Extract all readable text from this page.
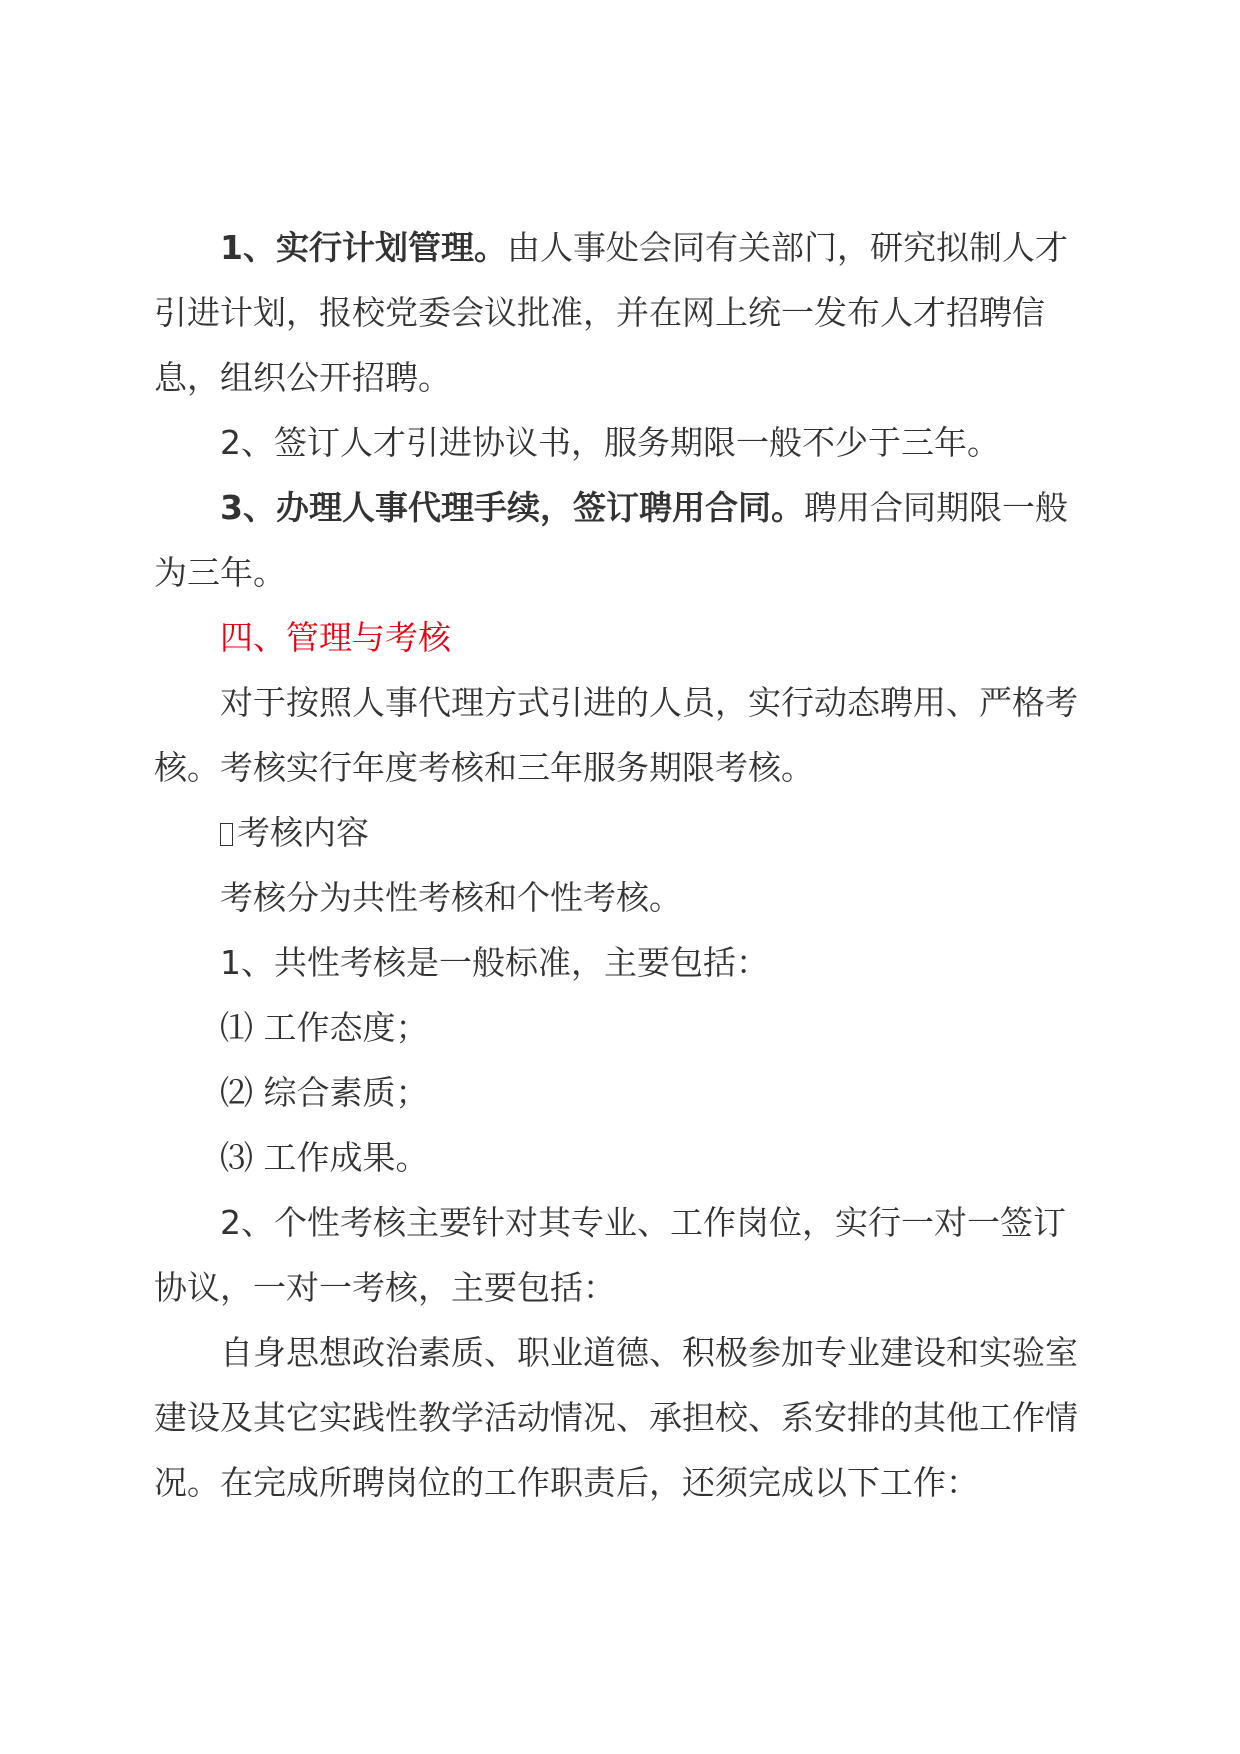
1、实行计划管理。由人事处会同有关部门，研究拟制人才引进计划，报校党委会议批准，并在网上统一发布人才招聘信息，组织公开招聘。

2、签订人才引进协议书，服务期限一般不少于三年。

3、办理人事代理手续，签订聘用合同。聘用合同期限一般为三年。

四、管理与考核

对于按照人事代理方式引进的人员，实行动态聘用、严格考核。考核实行年度考核和三年服务期限考核。

考核内容

考核分为共性考核和个性考核。

1、共性考核是一般标准，主要包括：

⑴ 工作态度；

⑵ 综合素质；

⑶ 工作成果。

2、个性考核主要针对其专业、工作岗位，实行一对一签订协议，一对一考核，主要包括：

自身思想政治素质、职业道德、积极参加专业建设和实验室建设及其它实践性教学活动情况、承担校、系安排的其他工作情况。在完成所聘岗位的工作职责后，还须完成以下工作：
